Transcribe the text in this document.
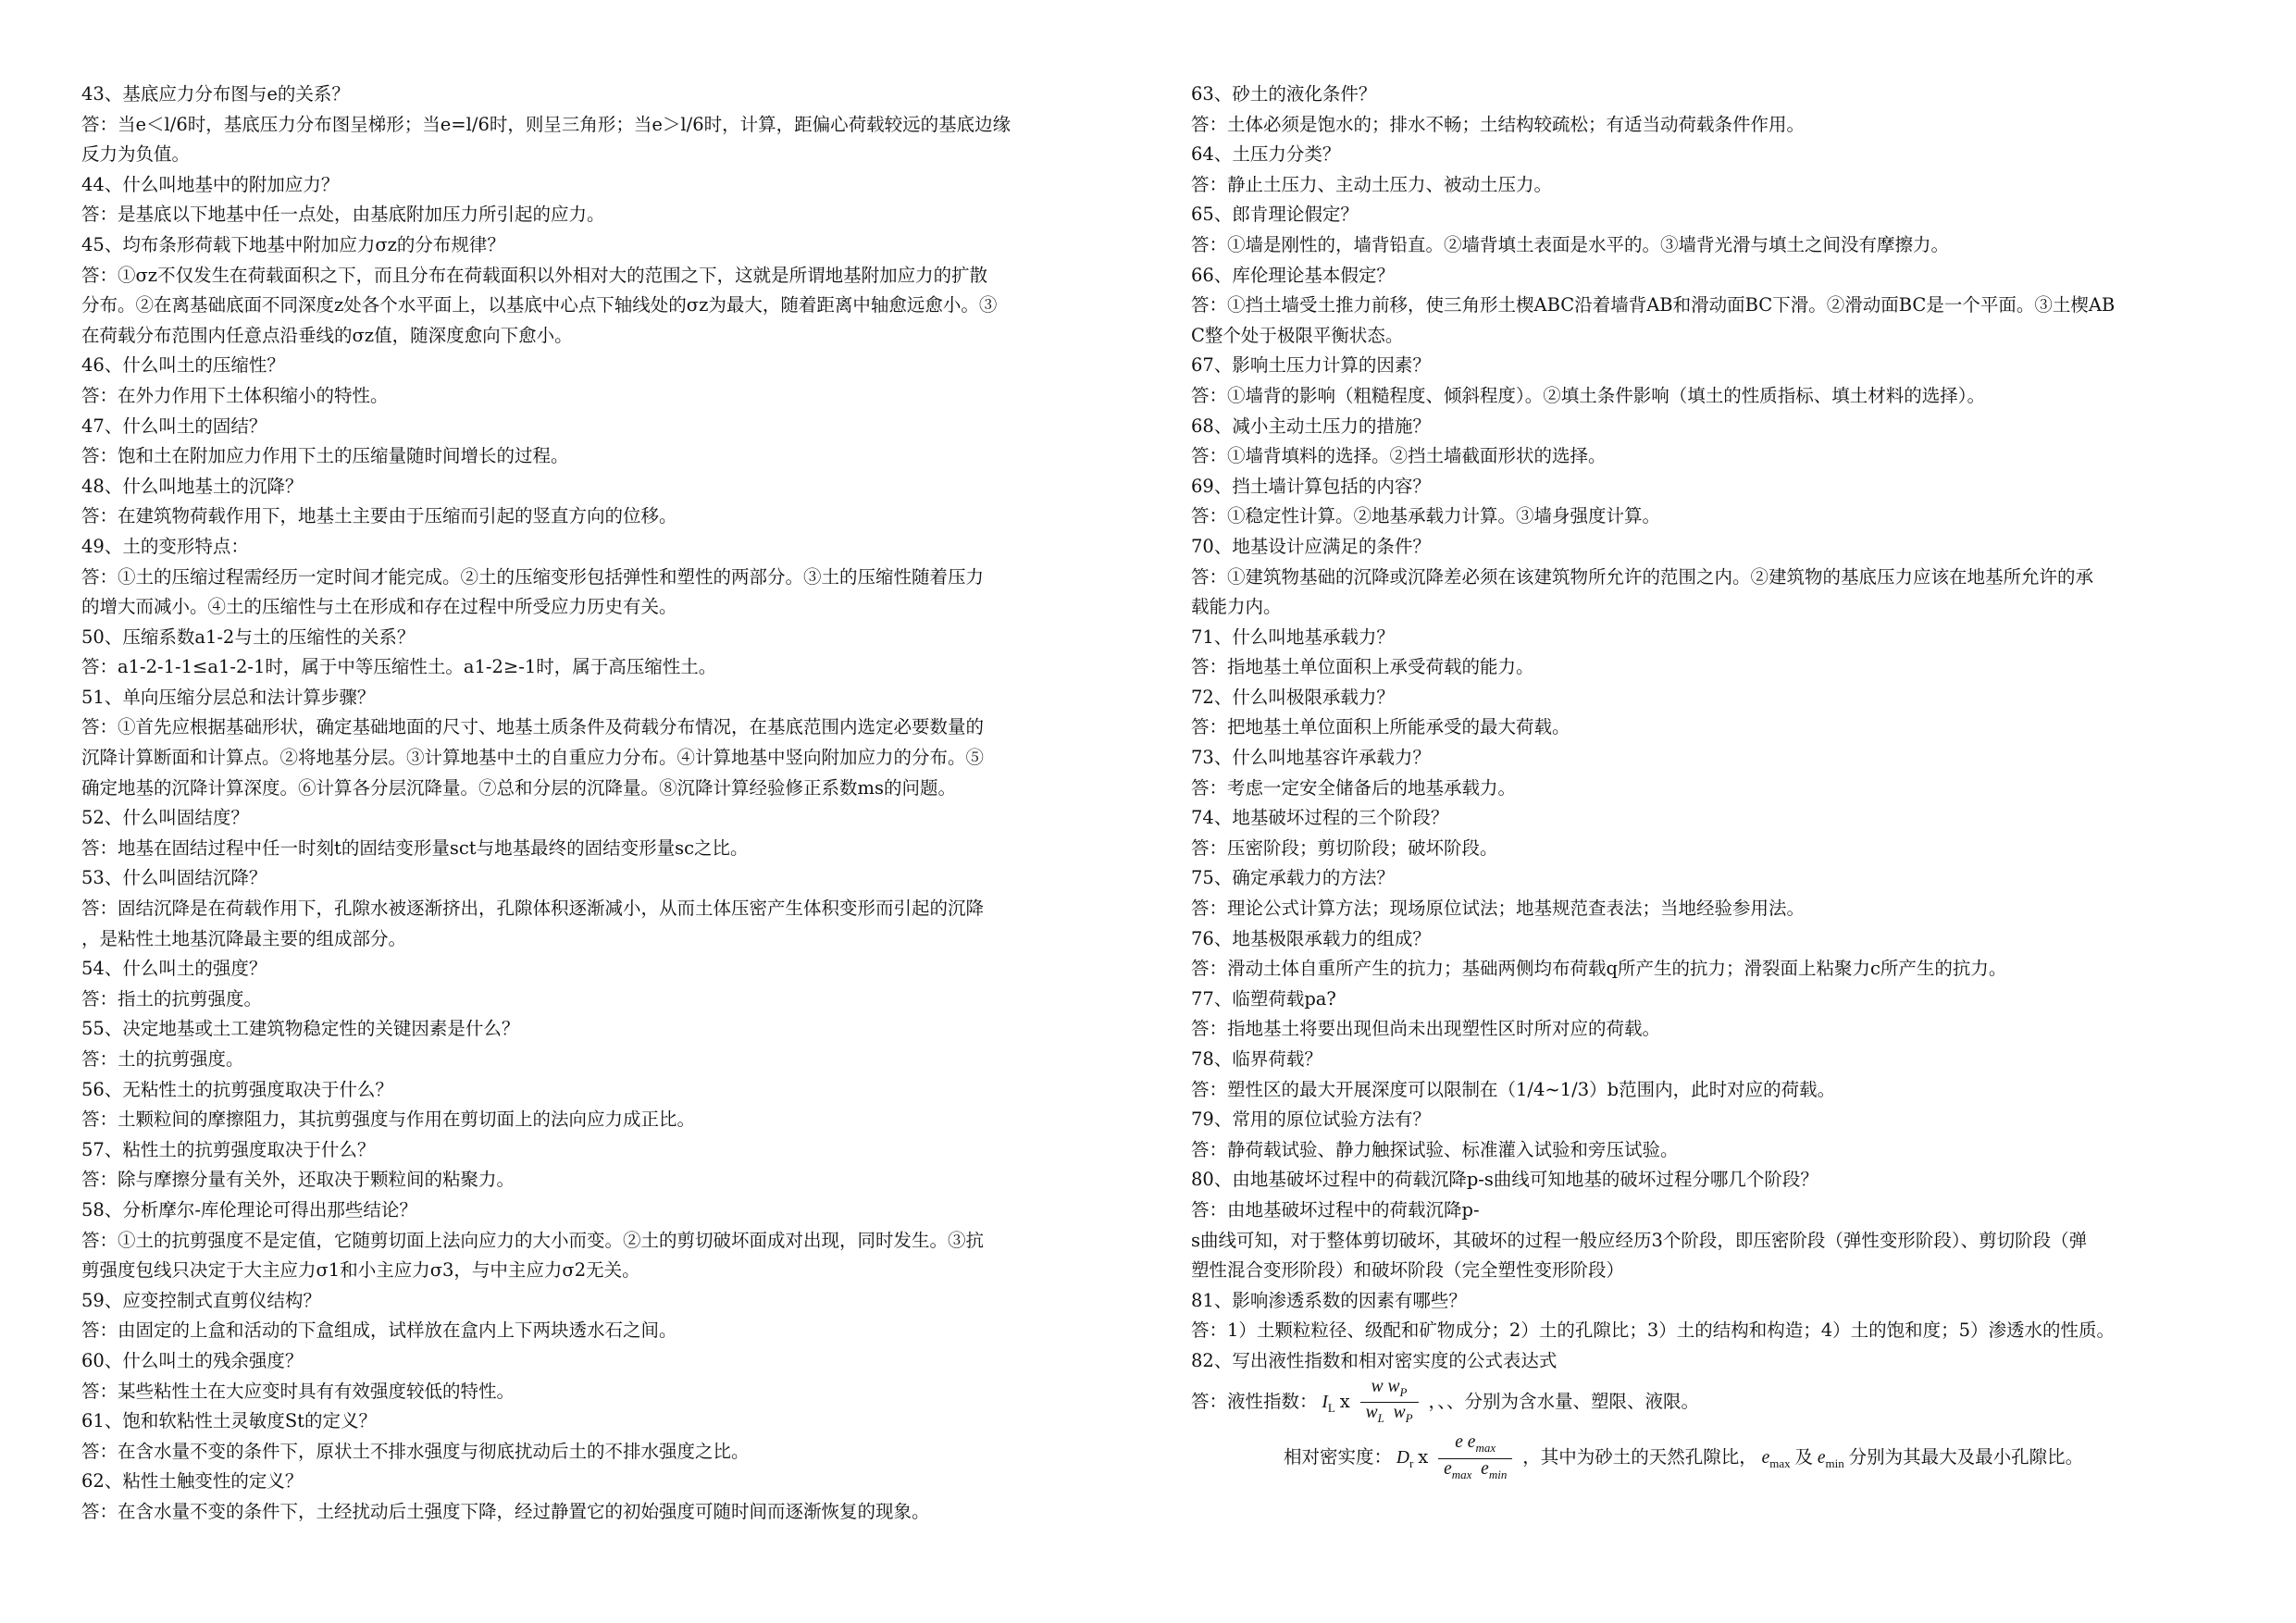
43、基底应力分布图与e的关系？

答：当e＜l/6时，基底压力分布图呈梯形；当e=l/6时，则呈三角形；当e＞l/6时，计算，距偏心荷载较远的基底边缘

反力为负值。

44、什么叫地基中的附加应力？

答：是基底以下地基中任一点处，由基底附加压力所引起的应力。

45、均布条形荷载下地基中附加应力σz的分布规律？

答：①σz不仅发生在荷载面积之下，而且分布在荷载面积以外相对大的范围之下，这就是所谓地基附加应力的扩散

分布。②在离基础底面不同深度z处各个水平面上，以基底中心点下轴线处的σz为最大，随着距离中轴愈远愈小。③

在荷载分布范围内任意点沿垂线的σz值，随深度愈向下愈小。

46、什么叫土的压缩性？

答：在外力作用下土体积缩小的特性。

47、什么叫土的固结？

答：饱和土在附加应力作用下土的压缩量随时间增长的过程。

48、什么叫地基土的沉降？

答：在建筑物荷载作用下，地基土主要由于压缩而引起的竖直方向的位移。

49、土的变形特点：

答：①土的压缩过程需经历一定时间才能完成。②土的压缩变形包括弹性和塑性的两部分。③土的压缩性随着压力

的增大而减小。④土的压缩性与土在形成和存在过程中所受应力历史有关。

50、压缩系数a1-2与土的压缩性的关系？

答：a1-2-1-1≤a1-2-1时，属于中等压缩性土。a1-2≥-1时，属于高压缩性土。

51、单向压缩分层总和法计算步骤？

答：①首先应根据基础形状，确定基础地面的尺寸、地基土质条件及荷载分布情况，在基底范围内选定必要数量的

沉降计算断面和计算点。②将地基分层。③计算地基中土的自重应力分布。④计算地基中竖向附加应力的分布。⑤

确定地基的沉降计算深度。⑥计算各分层沉降量。⑦总和分层的沉降量。⑧沉降计算经验修正系数ms的问题。

52、什么叫固结度？

答：地基在固结过程中任一时刻t的固结变形量sct与地基最终的固结变形量sc之比。

53、什么叫固结沉降？

答：固结沉降是在荷载作用下，孔隙水被逐渐挤出，孔隙体积逐渐减小，从而土体压密产生体积变形而引起的沉降

，是粘性土地基沉降最主要的组成部分。

54、什么叫土的强度？

答：指土的抗剪强度。

55、决定地基或土工建筑物稳定性的关键因素是什么？

答：土的抗剪强度。

56、无粘性土的抗剪强度取决于什么？

答：土颗粒间的摩擦阻力，其抗剪强度与作用在剪切面上的法向应力成正比。

57、粘性土的抗剪强度取决于什么？

答：除与摩擦分量有关外，还取决于颗粒间的粘聚力。

58、分析摩尔-库伦理论可得出那些结论？

答：①土的抗剪强度不是定值，它随剪切面上法向应力的大小而变。②土的剪切破坏面成对出现，同时发生。③抗

剪强度包线只决定于大主应力σ1和小主应力σ3，与中主应力σ2无关。

59、应变控制式直剪仪结构？

答：由固定的上盒和活动的下盒组成，试样放在盒内上下两块透水石之间。

60、什么叫土的残余强度？

答：某些粘性土在大应变时具有有效强度较低的特性。

61、饱和软粘性土灵敏度St的定义？

答：在含水量不变的条件下，原状土不排水强度与彻底扰动后土的不排水强度之比。

62、粘性土触变性的定义？

答：在含水量不变的条件下，土经扰动后土强度下降，经过静置它的初始强度可随时间而逐渐恢复的现象。

63、砂土的液化条件？

答：土体必须是饱水的；排水不畅；土结构较疏松；有适当动荷载条件作用。

64、土压力分类？

答：静止土压力、主动土压力、被动土压力。

65、郎肯理论假定？

答：①墙是刚性的，墙背铅直。②墙背填土表面是水平的。③墙背光滑与填土之间没有摩擦力。

66、库伦理论基本假定？

答：①挡土墙受土推力前移，使三角形土楔ABC沿着墙背AB和滑动面BC下滑。②滑动面BC是一个平面。③土楔AB

C整个处于极限平衡状态。

67、影响土压力计算的因素？

答：①墙背的影响（粗糙程度、倾斜程度）。②填土条件影响（填土的性质指标、填土材料的选择）。

68、减小主动土压力的措施？

答：①墙背填料的选择。②挡土墙截面形状的选择。

69、挡土墙计算包括的内容？

答：①稳定性计算。②地基承载力计算。③墙身强度计算。

70、地基设计应满足的条件？

答：①建筑物基础的沉降或沉降差必须在该建筑物所允许的范围之内。②建筑物的基底压力应该在地基所允许的承

载能力内。

71、什么叫地基承载力？

答：指地基土单位面积上承受荷载的能力。

72、什么叫极限承载力？

答：把地基土单位面积上所能承受的最大荷载。

73、什么叫地基容许承载力？

答：考虑一定安全储备后的地基承载力。

74、地基破坏过程的三个阶段？

答：压密阶段；剪切阶段；破坏阶段。

75、确定承载力的方法？

答：理论公式计算方法；现场原位试法；地基规范查表法；当地经验参用法。

76、地基极限承载力的组成？

答：滑动土体自重所产生的抗力；基础两侧均布荷载q所产生的抗力；滑裂面上粘聚力c所产生的抗力。

77、临塑荷载pa?

答：指地基土将要出现但尚未出现塑性区时所对应的荷载。

78、临界荷载？

答：塑性区的最大开展深度可以限制在（1/4~1/3）b范围内，此时对应的荷载。

79、常用的原位试验方法有？

答：静荷载试验、静力触探试验、标准灌入试验和旁压试验。

80、由地基破坏过程中的荷载沉降p-s曲线可知地基的破坏过程分哪几个阶段？

答：由地基破坏过程中的荷载沉降p-

s曲线可知，对于整体剪切破坏，其破坏的过程一般应经历3个阶段，即压密阶段（弹性变形阶段）、剪切阶段（弹

塑性混合变形阶段）和破坏阶段（完全塑性变形阶段）

81、影响渗透系数的因素有哪些？

答：1）土颗粒粒径、级配和矿物成分；2）土的孔隙比；3）土的结构和构造；4）土的饱和度；5）渗透水的性质。

82、写出液性指数和相对密实度的公式表达式

答：液性指数： $I_L$ ⅹ $\frac{w w_P}{w_L w_P}$ ，、、分别为含水量、塑限、液限。
相对密实度： $D_r$ ⅹ $\frac{e e_{max}}{e_{max} e_{min}}$ ，其中为砂土的天然孔隙比， $e_{max}$ 及 $e_{min}$ 分别为其最大及最小孔隙比。
